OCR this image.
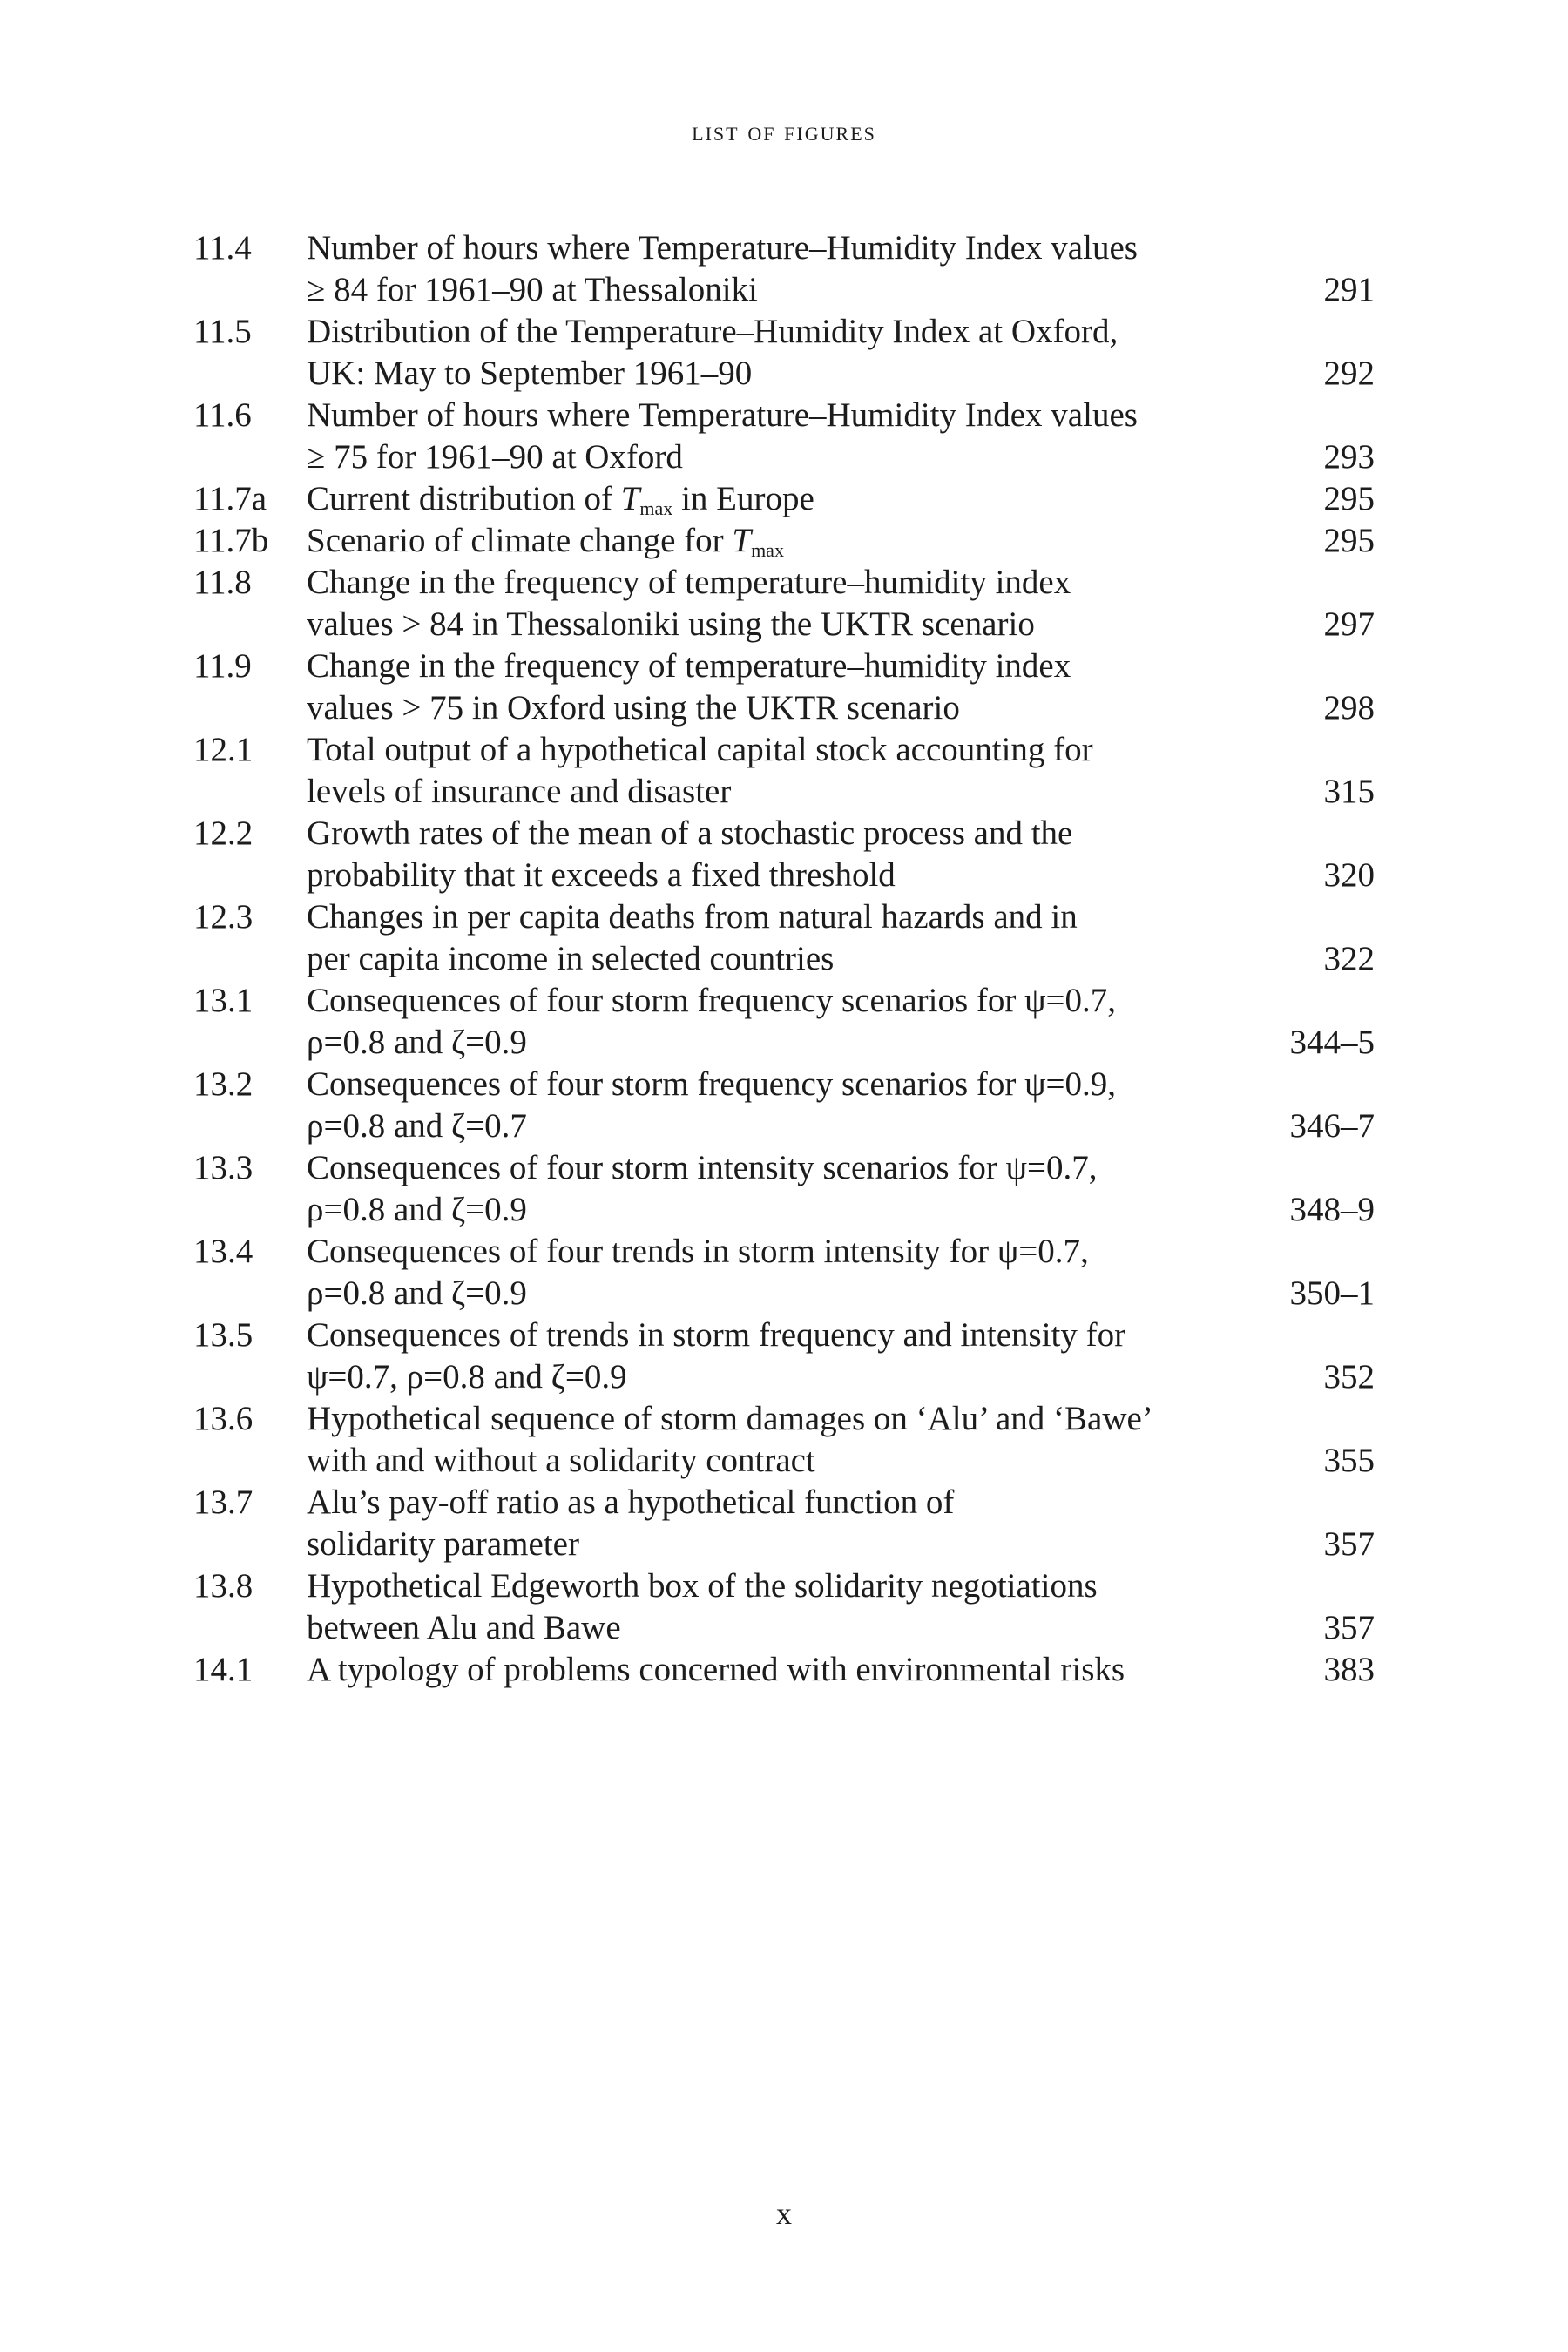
list of figures
11.4 Number of hours where Temperature–Humidity Index values
≥ 84 for 1961–90 at Thessaloniki	291
11.5 Distribution of the Temperature–Humidity Index at Oxford,
UK: May to September 1961–90	292
11.6 Number of hours where Temperature–Humidity Index values
≥ 75 for 1961–90 at Oxford	293
11.7a Current distribution of $T_{max}$ in Europe	295
11.7b Scenario of climate change for $T_{max}$	295
11.8 Change in the frequency of temperature–humidity index
values > 84 in Thessaloniki using the UKTR scenario	297
11.9 Change in the frequency of temperature–humidity index
values > 75 in Oxford using the UKTR scenario	298
12.1 Total output of a hypothetical capital stock accounting for
levels of insurance and disaster	315
12.2 Growth rates of the mean of a stochastic process and the
probability that it exceeds a fixed threshold	320
12.3 Changes in per capita deaths from natural hazards and in
per capita income in selected countries	322
13.1 Consequences of four storm frequency scenarios for ψ=0.7,
ρ=0.8 and ζ=0.9	344–5
13.2 Consequences of four storm frequency scenarios for ψ=0.9,
ρ=0.8 and ζ=0.7	346–7
13.3 Consequences of four storm intensity scenarios for ψ=0.7,
ρ=0.8 and ζ=0.9	348–9
13.4 Consequences of four trends in storm intensity for ψ=0.7,
ρ=0.8 and ζ=0.9	350–1
13.5 Consequences of trends in storm frequency and intensity for
ψ=0.7, ρ=0.8 and ζ=0.9	352
13.6 Hypothetical sequence of storm damages on ‘Alu’ and ‘Bawe’
with and without a solidarity contract	355
13.7 Alu’s pay-off ratio as a hypothetical function of
solidarity parameter	357
13.8 Hypothetical Edgeworth box of the solidarity negotiations
between Alu and Bawe	357
14.1 A typology of problems concerned with environmental risks	383
x
